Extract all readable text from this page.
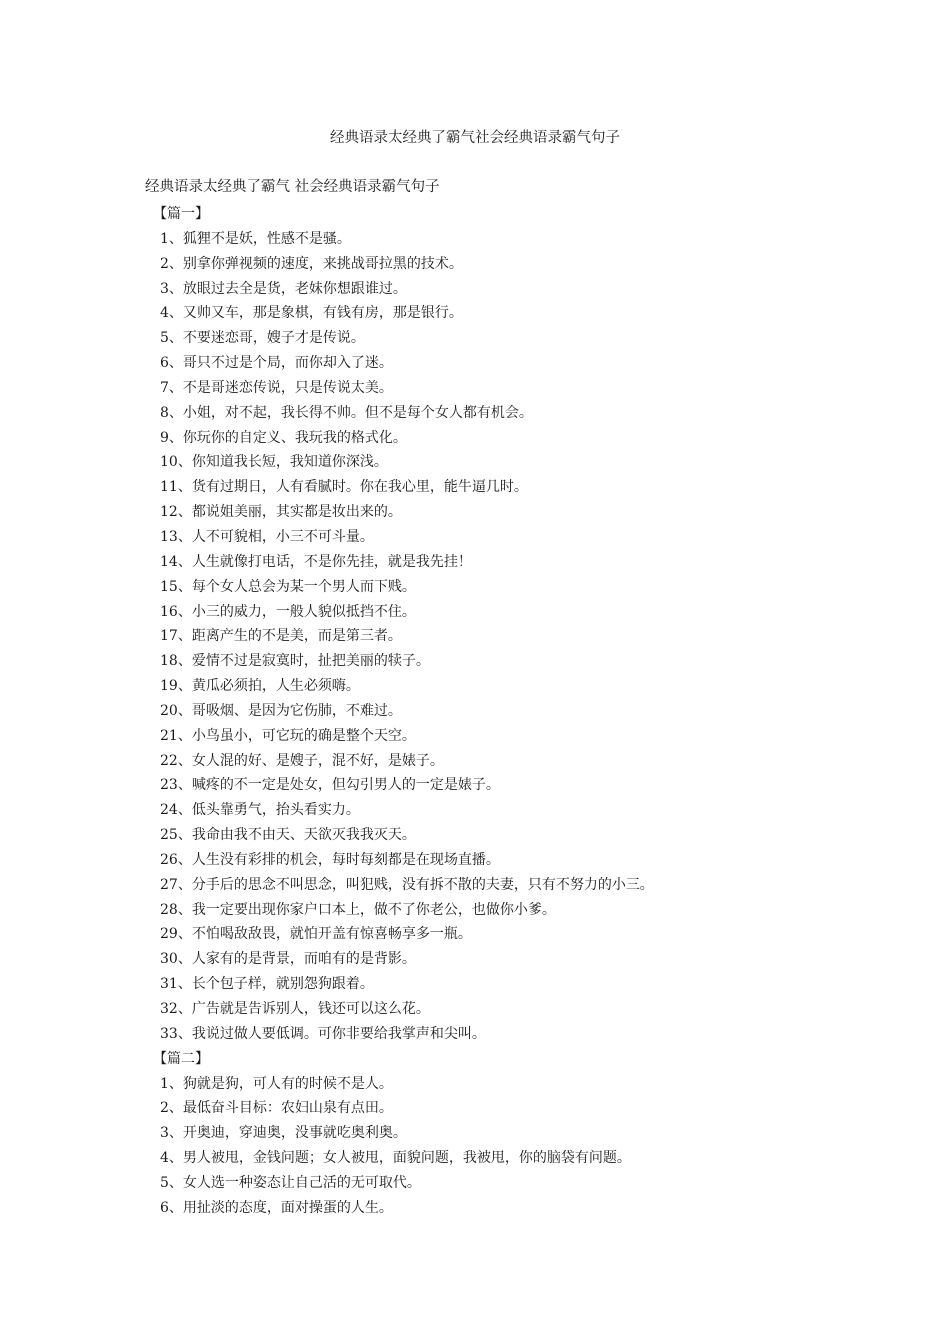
经典语录太经典了霸气社会经典语录霸气句子
经典语录太经典了霸气 社会经典语录霸气句子
【篇一】
1、狐狸不是妖，性感不是骚。
2、别拿你弹视频的速度，来挑战哥拉黑的技术。
3、放眼过去全是货，老妹你想跟谁过。
4、又帅又车，那是象棋，有钱有房，那是银行。
5、不要迷恋哥，嫂子才是传说。
6、哥只不过是个局，而你却入了迷。
7、不是哥迷恋传说，只是传说太美。
8、小姐，对不起，我长得不帅。但不是每个女人都有机会。
9、你玩你的自定义、我玩我的格式化。
10、你知道我长短，我知道你深浅。
11、货有过期日，人有看腻时。你在我心里，能牛逼几时。
12、都说姐美丽，其实都是妆出来的。
13、人不可貌相，小三不可斗量。
14、人生就像打电话，不是你先挂，就是我先挂！
15、每个女人总会为某一个男人而下贱。
16、小三的威力，一般人貌似抵挡不住。
17、距离产生的不是美，而是第三者。
18、爱情不过是寂寞时，扯把美丽的犊子。
19、黄瓜必须拍，人生必须嗨。
20、哥吸烟、是因为它伤肺，不难过。
21、小鸟虽小，可它玩的确是整个天空。
22、女人混的好、是嫂子，混不好，是婊子。
23、喊疼的不一定是处女，但勾引男人的一定是婊子。
24、低头靠勇气，抬头看实力。
25、我命由我不由天、天欲灭我我灭天。
26、人生没有彩排的机会，每时每刻都是在现场直播。
27、分手后的思念不叫思念，叫犯贱，没有拆不散的夫妻，只有不努力的小三。
28、我一定要出现你家户口本上，做不了你老公，也做你小爹。
29、不怕喝敌敌畏，就怕开盖有惊喜畅享多一瓶。
30、人家有的是背景，而咱有的是背影。
31、长个包子样，就别怨狗跟着。
32、广告就是告诉别人，钱还可以这么花。
33、我说过做人要低调。可你非要给我掌声和尖叫。
【篇二】
1、狗就是狗，可人有的时候不是人。
2、最低奋斗目标：农妇山泉有点田。
3、开奥迪，穿迪奥，没事就吃奥利奥。
4、男人被甩，金钱问题；女人被甩，面貌问题，我被甩，你的脑袋有问题。
5、女人选一种姿态让自己活的无可取代。
6、用扯淡的态度，面对操蛋的人生。
